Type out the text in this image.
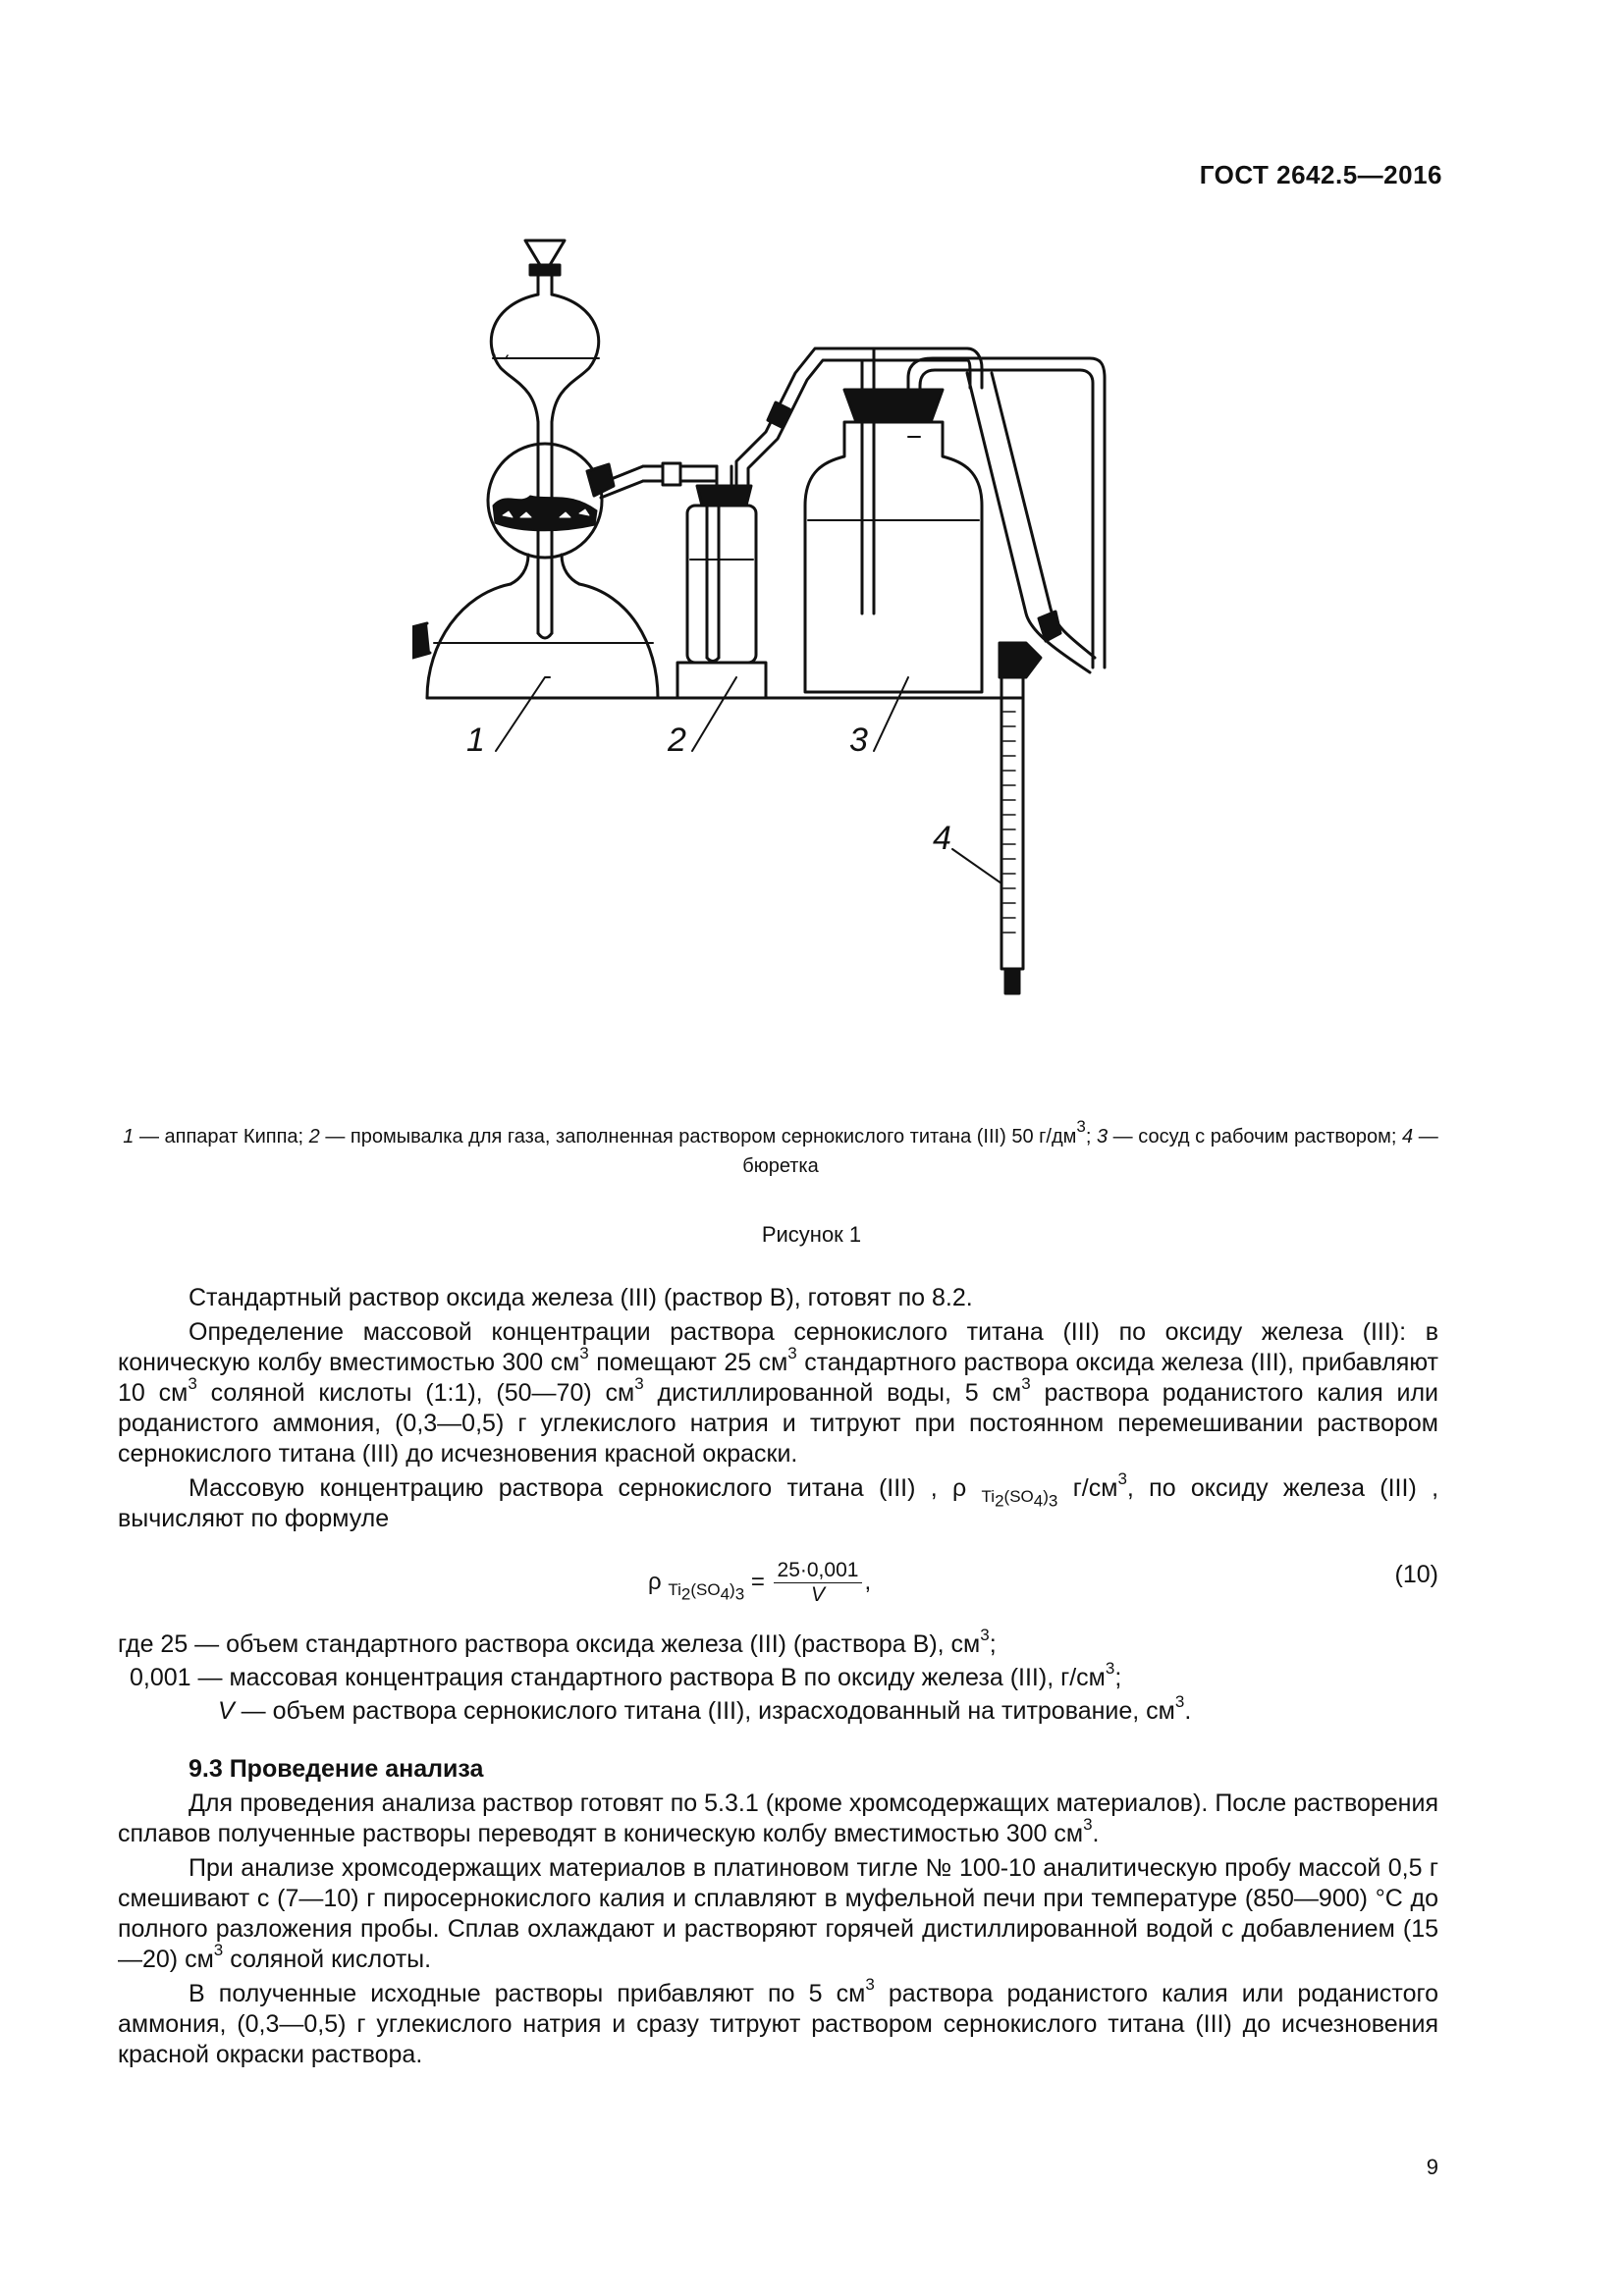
ГОСТ 2642.5—2016
1	2	3
4
1 — аппарат Киппа; 2 — промывалка для газа, заполненная раствором сернокислого титана (III) 50 $г/дм^3$; 3 — сосуд с рабочим раствором; 4 — бюретка
Рисунок 1

Стандартный раствор оксида железа (III) (раствор В), готовят по 8.2.

Определение массовой концентрации раствора сернокислого титана (III) по оксиду железа (III): в коническую колбу вместимостью 300 $см^3$ помещают 25 $см^3$ стандартного раствора оксида железа (III), прибавляют 10 $см^3$ соляной кислоты (1:1), (50—70) $см^3$ дистиллированной воды, 5 $см^3$ раствора роданистого калия или роданистого аммония, (0,3—0,5) г углекислого натрия и титруют при постоянном перемешивании раствором сернокислого титана (III) до исчезновения красной окраски.

Массовую концентрацию раствора сернокислого титана (III) , ρ $_{Ti_2(SO_4)_3}$ $г/см^3$, по оксиду железа (III) , вычисляют по формуле

ρ $_{Ti_2(SO_4)_3} = \frac{25\cdot 0,001}{V}$ ,	(10)
где 25 — объем стандартного раствора оксида железа (III) (раствора В), $см^3$;
0,001 — массовая концентрация стандартного раствора В по оксиду железа (III), $г/см^3$;
V — объем раствора сернокислого титана (III), израсходованный на титрование, $см^3$.

9.3 Проведение анализа

Для проведения анализа раствор готовят по 5.3.1 (кроме хромсодержащих материалов). После растворения сплавов полученные растворы переводят в коническую колбу вместимостью 300 $см^3$.

При анализе хромсодержащих материалов в платиновом тигле № 100-10 аналитическую пробу массой 0,5 г смешивают с (7—10) г пиросернокислого калия и сплавляют в муфельной печи при температуре (850—900) °С до полного разложения пробы. Сплав охлаждают и растворяют горячей дистиллированной водой с добавлением (15—20) $см^3$ соляной кислоты.

В полученные исходные растворы прибавляют по 5 $см^3$ раствора роданистого калия или роданистого аммония, (0,3—0,5) г углекислого натрия и сразу титруют раствором сернокислого титана (III) до исчезновения красной окраски раствора.

9
